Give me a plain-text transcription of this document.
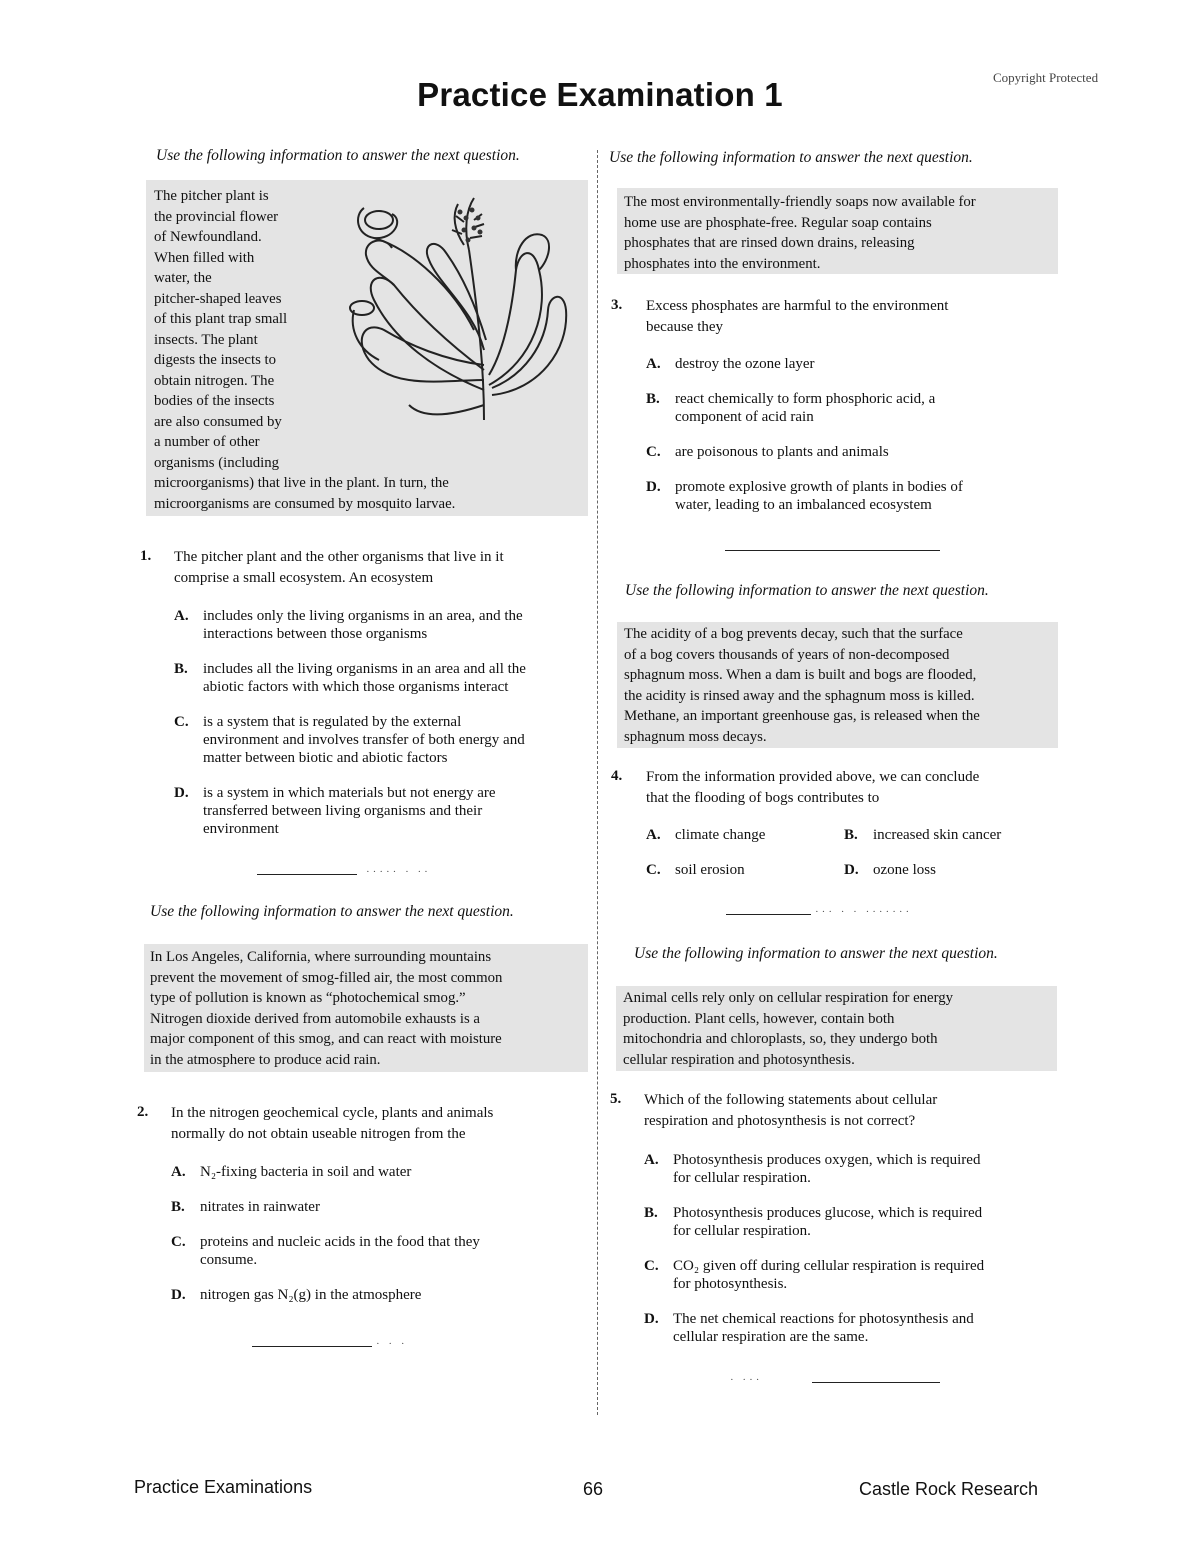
Copyright Protected
Practice Examination 1
Use the following information to answer the next question.
The pitcher plant is
the provincial flower
of Newfoundland.
When filled with
water, the
pitcher-shaped leaves
of this plant trap small
insects. The plant
digests the insects to
obtain nitrogen. The
bodies of the insects
are also consumed by
a number of other
organisms (including
microorganisms) that live in the plant. In turn, the
microorganisms are consumed by mosquito larvae.
1. The pitcher plant and the other organisms that live in it
comprise a small ecosystem. An ecosystem
A. includes only the living organisms in an area, and the
interactions between those organisms
B. includes all the living organisms in an area and all the
abiotic factors with which those organisms interact
C. is a system that is regulated by the external
environment and involves transfer of both energy and
matter between biotic and abiotic factors
D. is a system in which materials but not energy are
transferred between living organisms and their
environment
····· · ··
Use the following information to answer the next question.
In Los Angeles, California, where surrounding mountains
prevent the movement of smog-filled air, the most common
type of pollution is known as “photochemical smog.”
Nitrogen dioxide derived from automobile exhausts is a
major component of this smog, and can react with moisture
in the atmosphere to produce acid rain.
2. In the nitrogen geochemical cycle, plants and animals
normally do not obtain useable nitrogen from the
A. N₂-fixing bacteria in soil and water
B. nitrates in rainwater
C. proteins and nucleic acids in the food that they
consume.
D. nitrogen gas N₂(g) in the atmosphere
· · ·
Use the following information to answer the next question.
The most environmentally-friendly soaps now available for
home use are phosphate-free. Regular soap contains
phosphates that are rinsed down drains, releasing
phosphates into the environment.
3. Excess phosphates are harmful to the environment
because they
A. destroy the ozone layer
B. react chemically to form phosphoric acid, a
component of acid rain
C. are poisonous to plants and animals
D. promote explosive growth of plants in bodies of
water, leading to an imbalanced ecosystem
Use the following information to answer the next question.
The acidity of a bog prevents decay, such that the surface
of a bog covers thousands of years of non-decomposed
sphagnum moss. When a dam is built and bogs are flooded,
the acidity is rinsed away and the sphagnum moss is killed.
Methane, an important greenhouse gas, is released when the
sphagnum moss decays.
4. From the information provided above, we can conclude
that the flooding of bogs contributes to
A. climate change	B. increased skin cancer
C. soil erosion	D. ozone loss
··· · · ·······
Use the following information to answer the next question.
Animal cells rely only on cellular respiration for energy
production. Plant cells, however, contain both
mitochondria and chloroplasts, so, they undergo both
cellular respiration and photosynthesis.
5. Which of the following statements about cellular
respiration and photosynthesis is not correct?
A. Photosynthesis produces oxygen, which is required
for cellular respiration.
B. Photosynthesis produces glucose, which is required
for cellular respiration.
C. CO₂ given off during cellular respiration is required
for photosynthesis.
D. The net chemical reactions for photosynthesis and
cellular respiration are the same.
· ···
Practice Examinations	66	Castle Rock Research
